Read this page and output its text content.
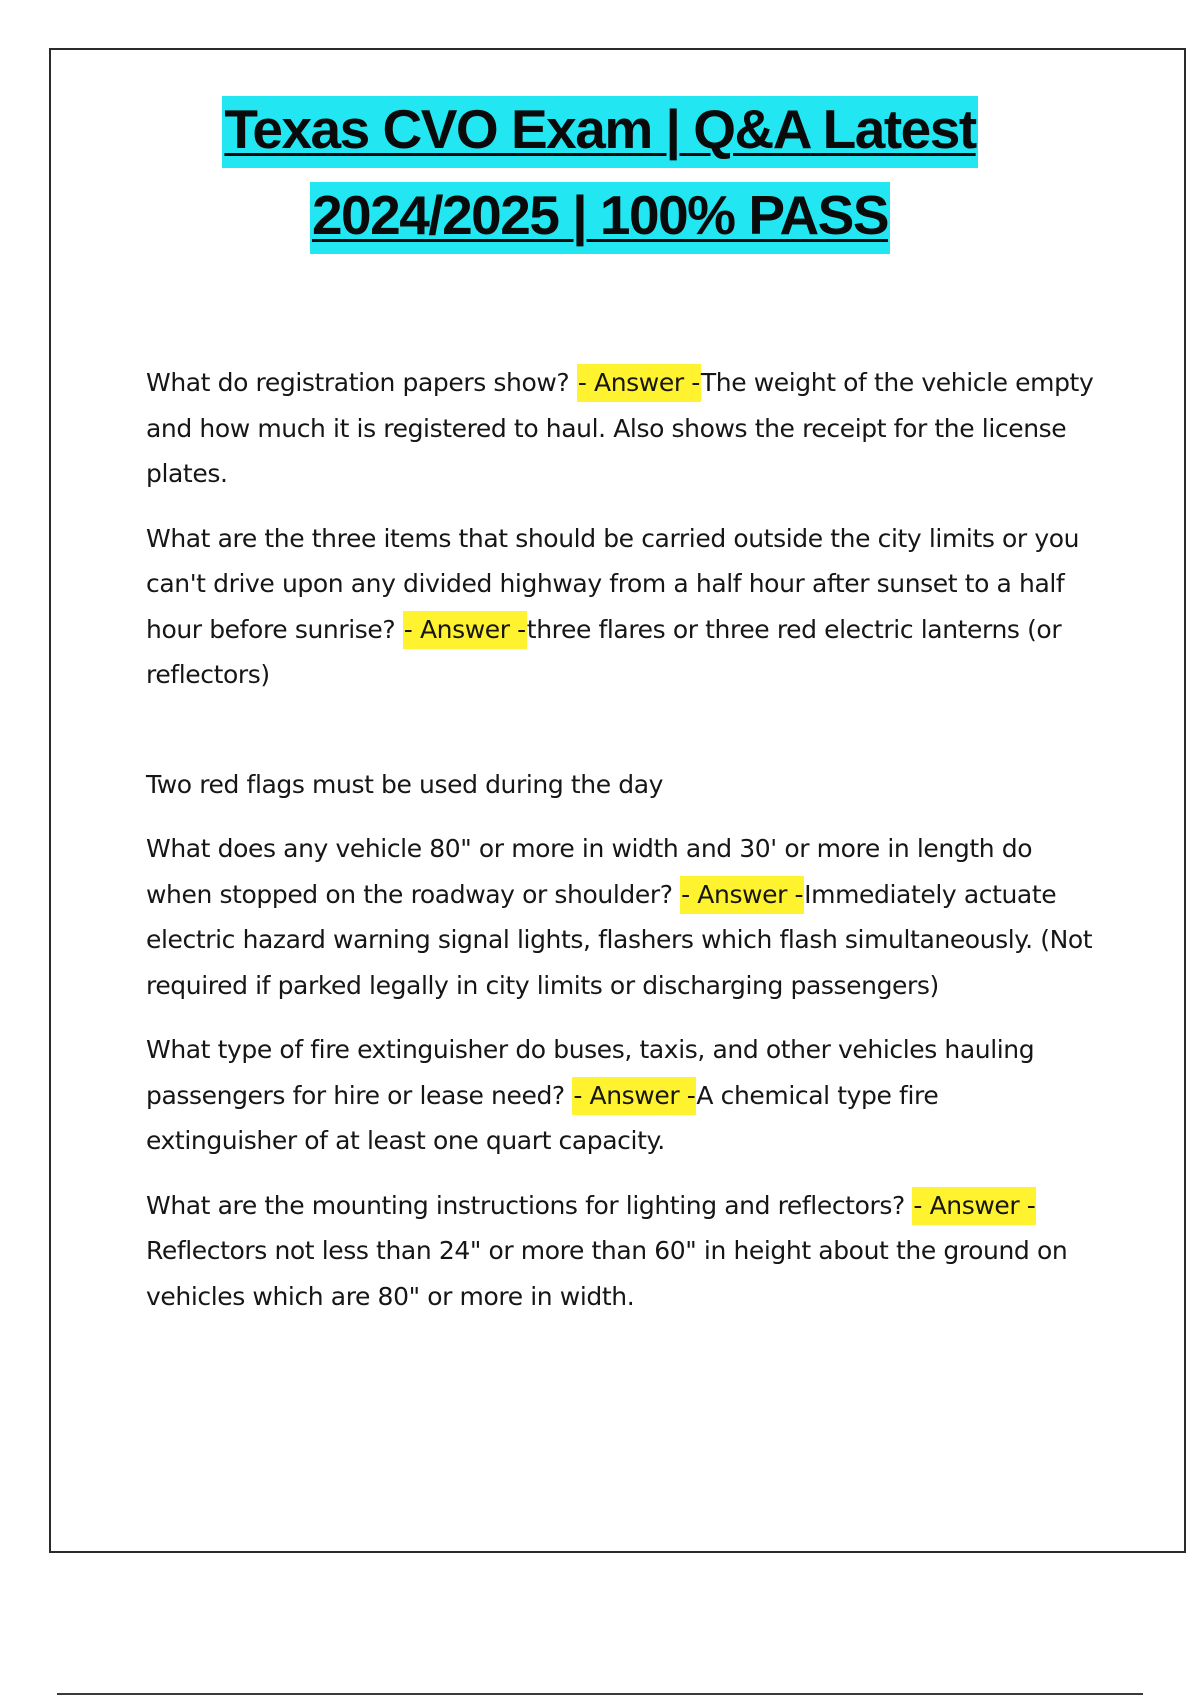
Texas CVO Exam | Q&A Latest
2024/2025 | 100% PASS

What do registration papers show? - Answer -The weight of the vehicle empty and how much it is registered to haul. Also shows the receipt for the license plates.

What are the three items that should be carried outside the city limits or you can't drive upon any divided highway from a half hour after sunset to a half hour before sunrise? - Answer -three flares or three red electric lanterns (or reflectors)

Two red flags must be used during the day

What does any vehicle 80" or more in width and 30' or more in length do when stopped on the roadway or shoulder? - Answer -Immediately actuate electric hazard warning signal lights, flashers which flash simultaneously. (Not required if parked legally in city limits or discharging passengers)

What type of fire extinguisher do buses, taxis, and other vehicles hauling passengers for hire or lease need? - Answer -A chemical type fire extinguisher of at least one quart capacity.

What are the mounting instructions for lighting and reflectors? - Answer -Reflectors not less than 24" or more than 60" in height about the ground on vehicles which are 80" or more in width.
